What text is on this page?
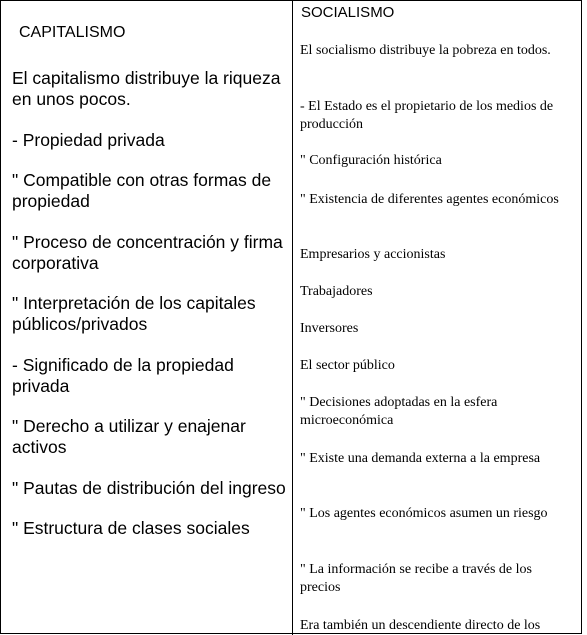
CAPITALISMO
El capitalismo distribuye la riqueza en unos pocos.
- Propiedad privada
" Compatible con otras formas de propiedad
" Proceso de concentración y firma corporativa
" Interpretación de los capitales públicos/privados
- Significado de la propiedad privada
" Derecho a utilizar y enajenar activos
" Pautas de distribución del ingreso
" Estructura de clases sociales
SOCIALISMO
El socialismo distribuye la pobreza en todos.
- El Estado es el propietario de los medios de producción
" Configuración histórica
" Existencia de diferentes agentes económicos
Empresarios y accionistas
Trabajadores
Inversores
El sector público
" Decisiones adoptadas en la esfera microeconómica
" Existe una demanda externa a la empresa
" Los agentes económicos asumen un riesgo
" La información se recibe a través de los precios
Era también un descendiente directo de los
